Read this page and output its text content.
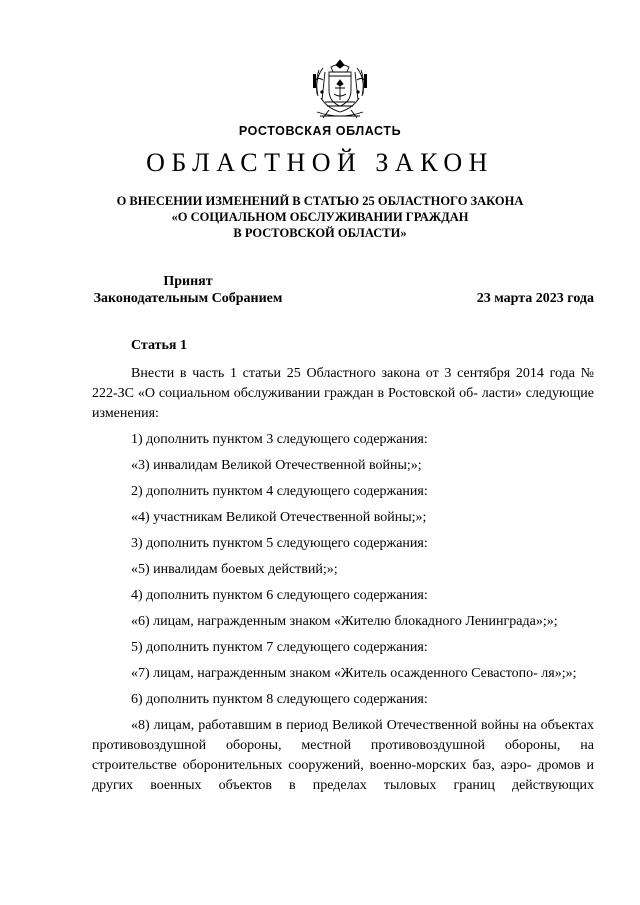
РОСТОВСКАЯ ОБЛАСТЬ
ОБЛАСТНОЙ ЗАКОН
О ВНЕСЕНИИ ИЗМЕНЕНИЙ В СТАТЬЮ 25 ОБЛАСТНОГО ЗАКОНА
«О СОЦИАЛЬНОМ ОБСЛУЖИВАНИИ ГРАЖДАН
В РОСТОВСКОЙ ОБЛАСТИ»
Принят
Законодательным Собранием	23 марта 2023 года
Статья 1

Внести в часть 1 статьи 25 Областного закона от 3 сентября 2014 года № 222-ЗС «О социальном обслуживании граждан в Ростовской об- ласти» следующие изменения:

1) дополнить пунктом 3 следующего содержания:

«3) инвалидам Великой Отечественной войны;»;

2) дополнить пунктом 4 следующего содержания:

«4) участникам Великой Отечественной войны;»;

3) дополнить пунктом 5 следующего содержания:

«5) инвалидам боевых действий;»;

4) дополнить пунктом 6 следующего содержания:

«6) лицам, награжденным знаком «Жителю блокадного Ленинграда»;»;

5) дополнить пунктом 7 следующего содержания:

«7) лицам, награжденным знаком «Житель осажденного Севастопо- ля»;»;

6) дополнить пунктом 8 следующего содержания:

«8) лицам, работавшим в период Великой Отечественной войны на объектах противовоздушной обороны, местной противовоздушной обороны, на строительстве оборонительных сооружений, военно-морских баз, аэро- дромов и других военных объектов в пределах тыловых границ действующих
